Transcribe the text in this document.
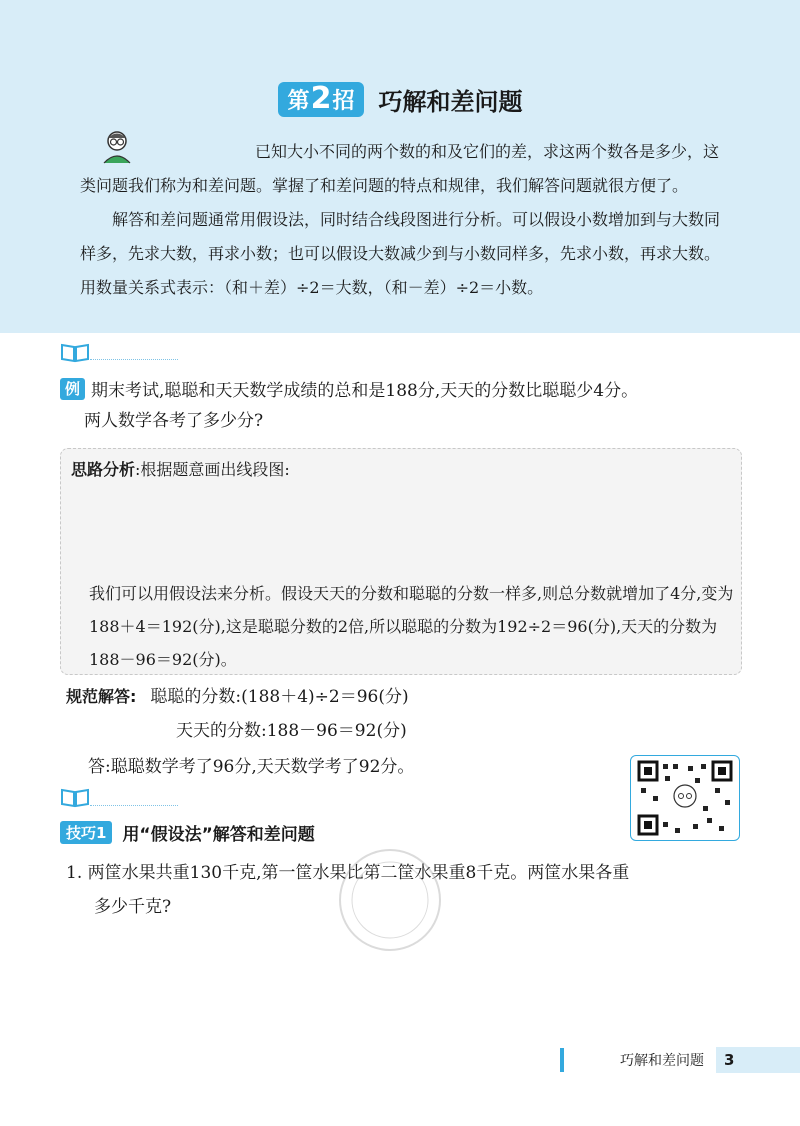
第 2 招 巧解和差问题

已知大小不同的两个数的和及它们的差，求这两个数各是多少，这类问题我们称为和差问题。掌握了和差问题的特点和规律，我们解答问题就很方便了。

解答和差问题通常用假设法，同时结合线段图进行分析。可以假设小数增加到与大数同样多，先求大数，再求小数；也可以假设大数减少到与小数同样多，先求小数，再求大数。用数量关系式表示：（和＋差）÷2＝大数，（和－差）÷2＝小数。

例 期末考试,聪聪和天天数学成绩的总和是188分,天天的分数比聪聪少4分。
两人数学各考了多少分?
思路分析:根据题意画出线段图:

我们可以用假设法来分析。假设天天的分数和聪聪的分数一样多,则总分数就增加了4分,变为188＋4＝192(分),这是聪聪分数的2倍,所以聪聪的分数为192÷2＝96(分),天天的分数为188－96＝92(分)。

规范解答: 聪聪的分数:(188＋4)÷2＝96(分)
天天的分数:188－96＝92(分)
答:聪聪数学考了96分,天天数学考了92分。
技巧1 用“假设法”解答和差问题
1. 两筐水果共重130千克,第一筐水果比第二筐水果重8千克。两筐水果各重
多少千克?
巧解和差问题	3
